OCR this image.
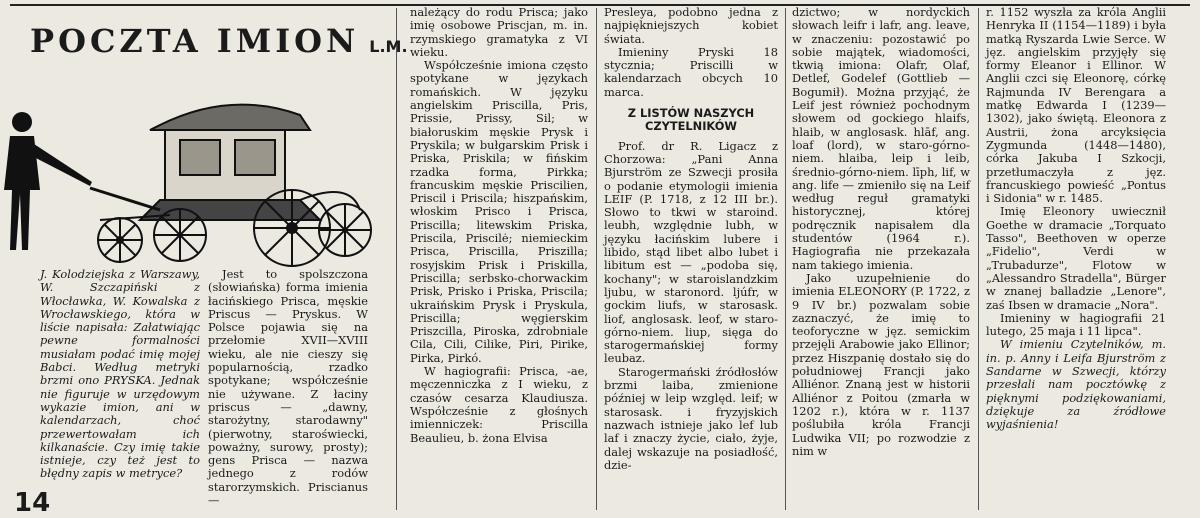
POCZTA IMION L.M.

J. Kolodziejska z Warszawy, W. Szczapiński z Włocławka, W. Kowalska z Wrocławskiego, która w liście napisała: Załatwiając pewne formalności musiałam podać imię mojej Babci. Według metryki brzmi ono PRYSKA. Jednak nie figuruje w urzędowym wykazie imion, ani w kalendarzach, choć przewertowałam ich kilkanaście. Czy imię takie istnieje, czy też jest to błędny zapis w metryce?

Jest to spolszczona (słowiańska) forma imienia łacińskiego Prisca, męskie Priscus — Pryskus. W Polsce pojawia się na przełomie XVII—XVIII wieku, ale nie cieszy się popularnością, rzadko spotykane; współcześnie nie używane. Z łaciny priscus — „dawny, starożytny, starodawny" (pierwotny, staroświecki, poważny, surowy, prosty); gens Prisca — nazwa jednego z rodów starorzymskich. Priscianus —

należący do rodu Prisca; jako imię osobowe Priscjan, m. in. rzymskiego gramatyka z VI wieku.

Współcześnie imiona często spotykane w językach romańskich. W języku angielskim Priscilla, Pris, Prissie, Prissy, Sil; w białoruskim męskie Prysk i Pryskila; w bułgarskim Prisk i Priska, Priskila; w fińskim rzadka forma, Pirkka; francuskim męskie Priscilien, Priscil i Priscila; hiszpańskim, włoskim Prisco i Prisca, Priscilla; litewskim Priska, Priscila, Priscilė; niemieckim Prisca, Priscilla, Priszilla; rosyjskim Prisk i Priskilla, Priscilla; serbsko-chorwackim Prisk, Prisko i Priska, Priscila; ukraińskim Prysk i Pryskula, Priscilla; węgierskim Priszcilla, Piroska, zdrobniale Cila, Cili, Cilike, Piri, Pirike, Pirka, Pirkó.

W hagiografii: Prisca, -ae, męczenniczka z I wieku, z czasów cesarza Klaudiusza. Współcześnie z głośnych imienniczek: Priscilla Beaulieu, b. żona Elvisa

Presleya, podobno jedna z najpiękniejszych kobiet świata.

Imieniny Pryski 18 stycznia; Priscilli w kalendarzach obcych 10 marca.

Z LISTÓW NASZYCH CZYTELNIKÓW

Prof. dr R. Ligacz z Chorzowa: „Pani Anna Bjurström ze Szwecji prosiła o podanie etymologii imienia LEIF (P. 1718, z 12 III br.). Słowo to tkwi w staroind. leubh, względnie lubh, w języku łacińskim lubere i libido, stąd libet albo lubet i libitum est — „podoba się, kochany"; w staroislandzkim ljubu, w staronord. ljúfr, w gockim liufs, w starosask. liof, anglosask. leof, w staro-górno-niem. liup, sięga do starogermańskiej formy leubaz.

Starogermański źródłosłów brzmi laiba, zmienione później w leip względ. leif; w starosask. i fryzyjskich nazwach istnieje jako lef lub laf i znaczy życie, ciało, żyje, dalej wskazuje na posiadłość, dzie-

dzictwo; w nordyckich słowach leifr i lafr, ang. leave, w znaczeniu: pozostawić po sobie majątek, wiadomości, tkwią imiona: Olafr, Olaf, Detlef, Godelef (Gottlieb — Bogumił). Można przyjąć, że Leif jest również pochodnym słowem od gockiego hlaifs, hlaib, w anglosask. hlāf, ang. loaf (lord), w staro-górno-niem. hlaiba, leip i leib, średnio-górno-niem. līph, lif, w ang. life — zmieniło się na Leif według reguł gramatyki historycznej, której podręcznik napisałem dla studentów (1964 r.). Hagiografia nie przekazała nam takiego imienia.

Jako uzupełnienie do imienia ELEONORY (P. 1722, z 9 IV br.) pozwalam sobie zaznaczyć, że imię to teoforyczne w jęz. semickim przejęli Arabowie jako Ellinor; przez Hiszpanię dostało się do południowej Francji jako Alliénor. Znaną jest w historii Alliénor z Poitou (zmarła w 1202 r.), która w r. 1137 poślubiła króla Francji Ludwika VII; po rozwodzie z nim w

r. 1152 wyszła za króla Anglii Henryka II (1154—1189) i była matką Ryszarda Lwie Serce. W jęz. angielskim przyjęły się formy Eleanor i Ellinor. W Anglii czci się Eleonorę, córkę Rajmunda IV Berengara a matkę Edwarda I (1239—1302), jako świętą. Eleonora z Austrii, żona arcyksięcia Zygmunda (1448—1480), córka Jakuba I Szkocji, przetłumaczyła z jęz. francuskiego powieść „Pontus i Sidonia" w r. 1485.

Imię Eleonory uwiecznił Goethe w dramacie „Torquato Tasso", Beethoven w operze „Fidelio", Verdi w „Trubadurze", Flotow w „Alessandro Stradella", Bürger w znanej balladzie „Lenore", zaś Ibsen w dramacie „Nora".

Imieniny w hagiografii 21 lutego, 25 maja i 11 lipca".

W imieniu Czytelników, m. in. p. Anny i Leifa Bjurström z Sandarne w Szwecji, którzy przesłali nam pocztówkę z pięknymi podziękowaniami, dziękuje za źródłowe wyjaśnienia!

14
